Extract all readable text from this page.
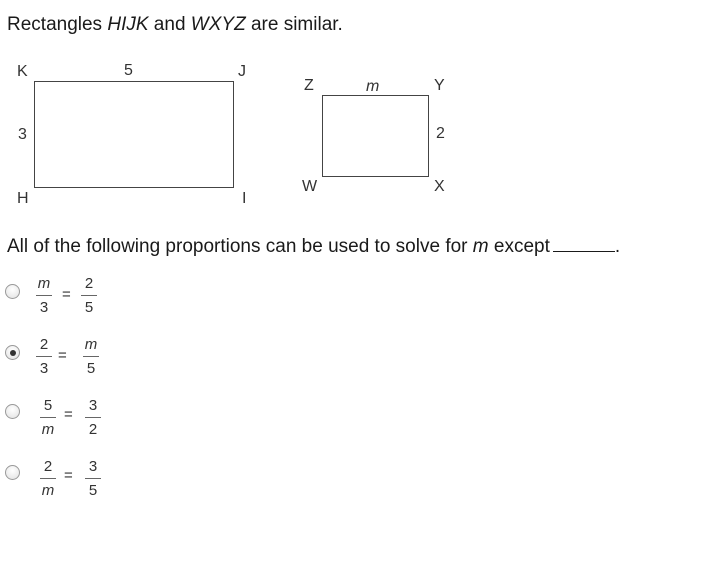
Rectangles HIJK and WXYZ are similar.
K	J
H	I
5
3
Z	Y
W	X
m
2
All of the following proportions can be used to solve for m except	.
m
3
=
2
5
2
3
=
m
5
5
m
=
3
2
2
m
=
3
5
